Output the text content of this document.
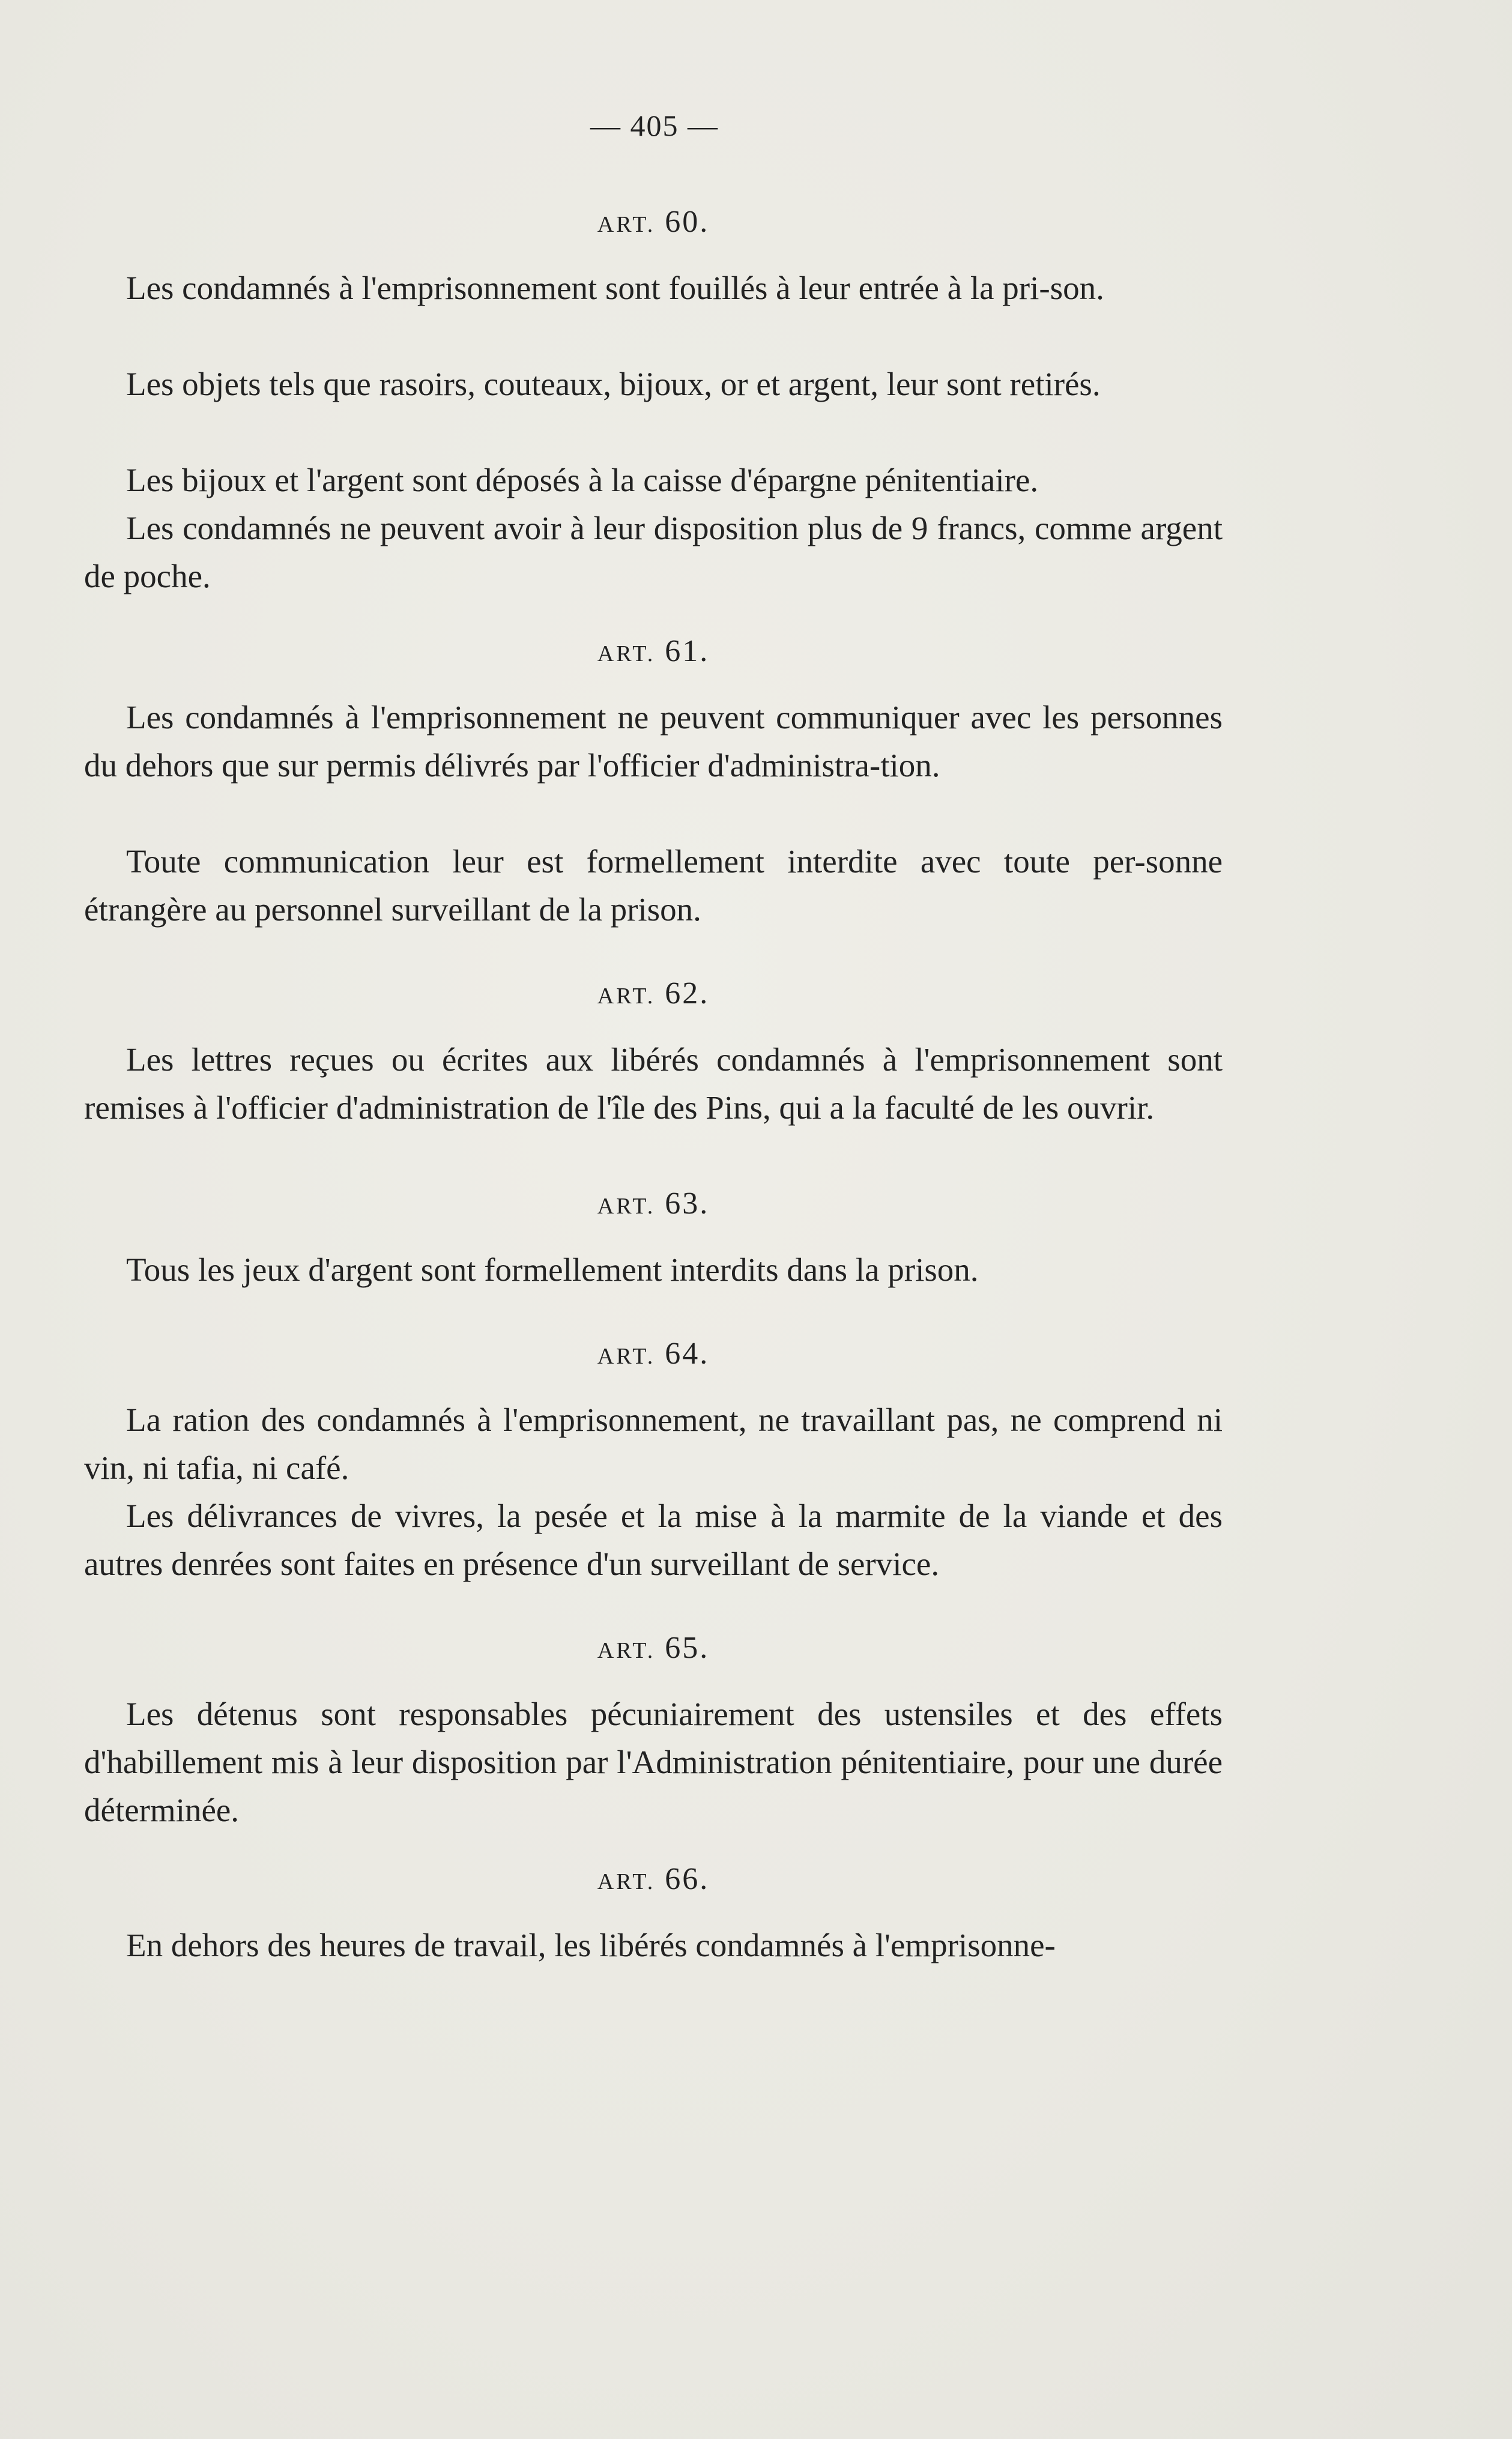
— 405 —
ART. 60.
Les condamnés à l'emprisonnement sont fouillés à leur entrée à la pri-son.
Les objets tels que rasoirs, couteaux, bijoux, or et argent, leur sont retirés.
Les bijoux et l'argent sont déposés à la caisse d'épargne pénitentiaire.
Les condamnés ne peuvent avoir à leur disposition plus de 9 francs, comme argent de poche.
ART. 61.
Les condamnés à l'emprisonnement ne peuvent communiquer avec les personnes du dehors que sur permis délivrés par l'officier d'administra-tion.
Toute communication leur est formellement interdite avec toute per-sonne étrangère au personnel surveillant de la prison.
ART. 62.
Les lettres reçues ou écrites aux libérés condamnés à l'emprisonnement sont remises à l'officier d'administration de l'île des Pins, qui a la faculté de les ouvrir.
ART. 63.
Tous les jeux d'argent sont formellement interdits dans la prison.
ART. 64.
La ration des condamnés à l'emprisonnement, ne travaillant pas, ne comprend ni vin, ni tafia, ni café.
Les délivrances de vivres, la pesée et la mise à la marmite de la viande et des autres denrées sont faites en présence d'un surveillant de service.
ART. 65.
Les détenus sont responsables pécuniairement des ustensiles et des effets d'habillement mis à leur disposition par l'Administration pénitentiaire, pour une durée déterminée.
ART. 66.
En dehors des heures de travail, les libérés condamnés à l'emprisonne-
